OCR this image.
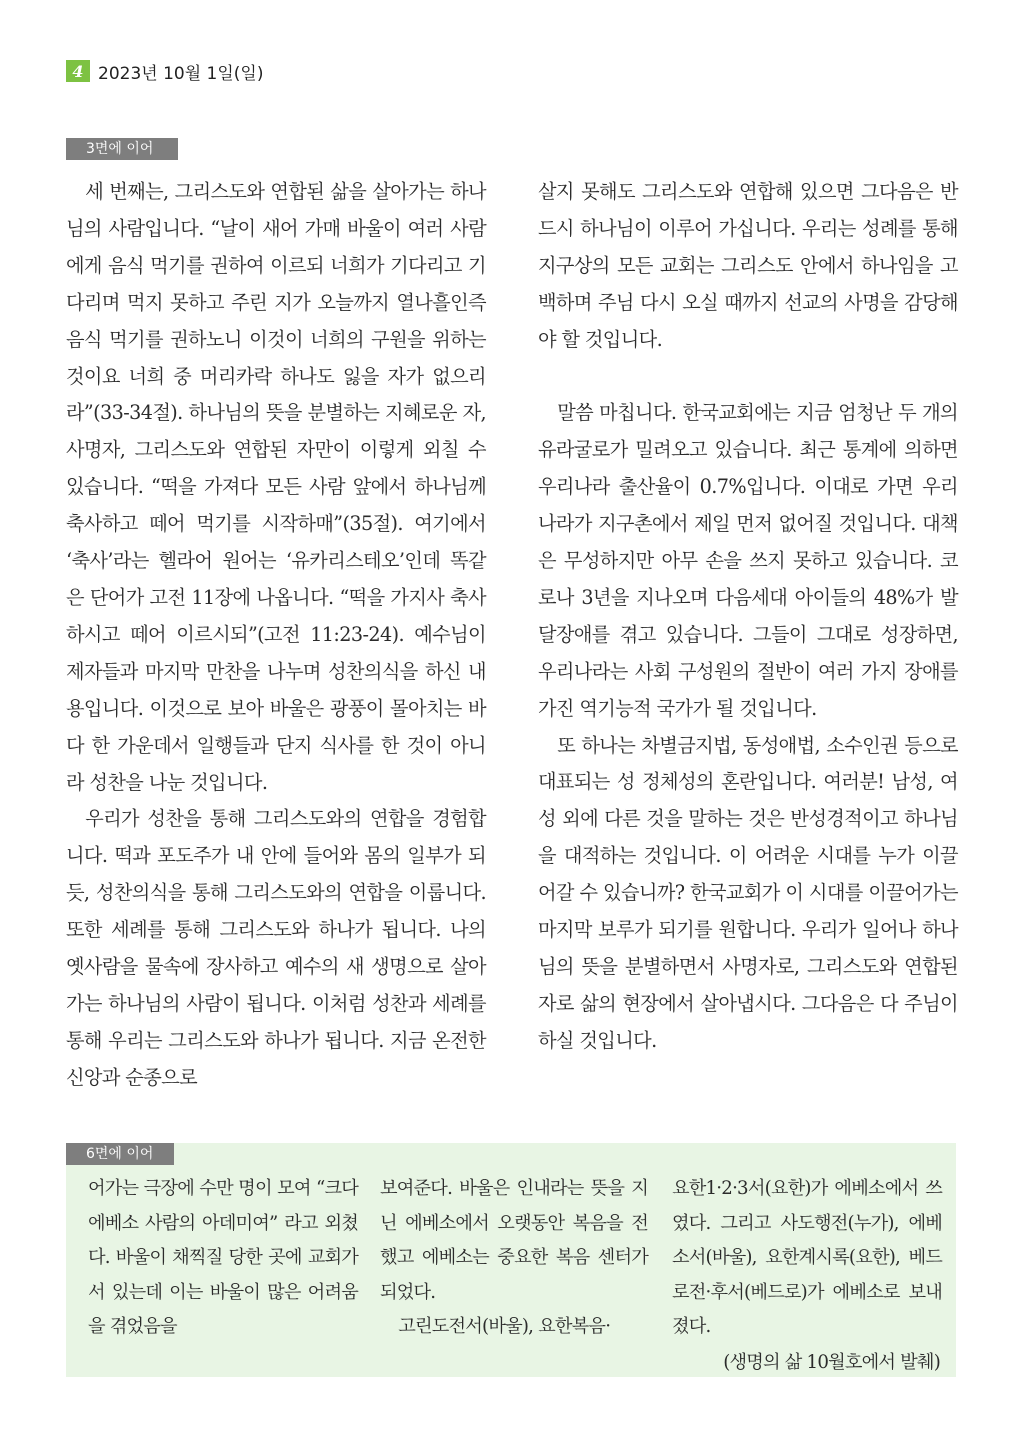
4 2023년 10월 1일(일)
3면에 이어

세 번째는, 그리스도와 연합된 삶을 살아가는 하나님의 사람입니다. “날이 새어 가매 바울이 여러 사람에게 음식 먹기를 권하여 이르되 너희가 기다리고 기다리며 먹지 못하고 주린 지가 오늘까지 열나흘인즉 음식 먹기를 권하노니 이것이 너희의 구원을 위하는 것이요 너희 중 머리카락 하나도 잃을 자가 없으리라”(33-34절). 하나님의 뜻을 분별하는 지혜로운 자, 사명자, 그리스도와 연합된 자만이 이렇게 외칠 수 있습니다. “떡을 가져다 모든 사람 앞에서 하나님께 축사하고 떼어 먹기를 시작하매”(35절). 여기에서 ‘축사’라는 헬라어 원어는 ‘유카리스테오’인데 똑같은 단어가 고전 11장에 나옵니다. “떡을 가지사 축사하시고 떼어 이르시되”(고전 11:23-24). 예수님이 제자들과 마지막 만찬을 나누며 성찬의식을 하신 내용입니다. 이것으로 보아 바울은 광풍이 몰아치는 바다 한 가운데서 일행들과 단지 식사를 한 것이 아니라 성찬을 나눈 것입니다.

우리가 성찬을 통해 그리스도와의 연합을 경험합니다. 떡과 포도주가 내 안에 들어와 몸의 일부가 되듯, 성찬의식을 통해 그리스도와의 연합을 이룹니다. 또한 세례를 통해 그리스도와 하나가 됩니다. 나의 옛사람을 물속에 장사하고 예수의 새 생명으로 살아가는 하나님의 사람이 됩니다. 이처럼 성찬과 세례를 통해 우리는 그리스도와 하나가 됩니다. 지금 온전한 신앙과 순종으로

살지 못해도 그리스도와 연합해 있으면 그다음은 반드시 하나님이 이루어 가십니다. 우리는 성례를 통해 지구상의 모든 교회는 그리스도 안에서 하나임을 고백하며 주님 다시 오실 때까지 선교의 사명을 감당해야 할 것입니다.

말씀 마칩니다. 한국교회에는 지금 엄청난 두 개의 유라굴로가 밀려오고 있습니다. 최근 통계에 의하면 우리나라 출산율이 0.7%입니다. 이대로 가면 우리나라가 지구촌에서 제일 먼저 없어질 것입니다. 대책은 무성하지만 아무 손을 쓰지 못하고 있습니다. 코로나 3년을 지나오며 다음세대 아이들의 48%가 발달장애를 겪고 있습니다. 그들이 그대로 성장하면, 우리나라는 사회 구성원의 절반이 여러 가지 장애를 가진 역기능적 국가가 될 것입니다.

또 하나는 차별금지법, 동성애법, 소수인권 등으로 대표되는 성 정체성의 혼란입니다. 여러분! 남성, 여성 외에 다른 것을 말하는 것은 반성경적이고 하나님을 대적하는 것입니다. 이 어려운 시대를 누가 이끌어갈 수 있습니까? 한국교회가 이 시대를 이끌어가는 마지막 보루가 되기를 원합니다. 우리가 일어나 하나님의 뜻을 분별하면서 사명자로, 그리스도와 연합된 자로 삶의 현장에서 살아냅시다. 그다음은 다 주님이 하실 것입니다.

6면에 이어

어가는 극장에 수만 명이 모여 “크다 에베소 사람의 아데미여” 라고 외쳤다. 바울이 채찍질 당한 곳에 교회가 서 있는데 이는 바울이 많은 어려움을 겪었음을

보여준다. 바울은 인내라는 뜻을 지닌 에베소에서 오랫동안 복음을 전했고 에베소는 중요한 복음 센터가 되었다.

고린도전서(바울), 요한복음·

요한1·2·3서(요한)가 에베소에서 쓰였다. 그리고 사도행전(누가), 에베소서(바울), 요한계시록(요한), 베드로전·후서(베드로)가 에베소로 보내졌다.

(생명의 삶 10월호에서 발췌)
